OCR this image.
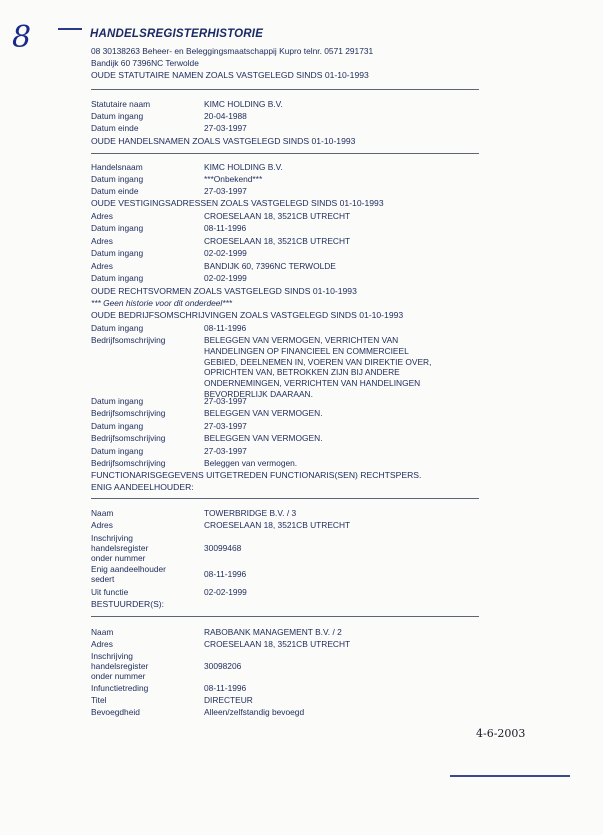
8	HANDELSREGISTERHISTORIE
08 30138263 Beheer- en Beleggingsmaatschappij Kupro telnr. 0571 291731
Bandijk 60 7396NC Terwolde
OUDE STATUTAIRE NAMEN ZOALS VASTGELEGD SINDS 01-10-1993
Statutaire naam	KIMC HOLDING B.V.
Datum ingang	20-04-1988
Datum einde	27-03-1997
OUDE HANDELSNAMEN ZOALS VASTGELEGD SINDS 01-10-1993
Handelsnaam	KIMC HOLDING B.V.
Datum ingang	***Onbekend***
Datum einde	27-03-1997
OUDE VESTIGINGSADRESSEN ZOALS VASTGELEGD SINDS 01-10-1993
Adres	CROESELAAN 18, 3521CB UTRECHT
Datum ingang	08-11-1996
Adres	CROESELAAN 18, 3521CB UTRECHT
Datum ingang	02-02-1999
Adres	BANDIJK 60, 7396NC TERWOLDE
Datum ingang	02-02-1999
OUDE RECHTSVORMEN ZOALS VASTGELEGD SINDS 01-10-1993
*** Geen historie voor dit onderdeel***
OUDE BEDRIJFSOMSCHRIJVINGEN ZOALS VASTGELEGD SINDS 01-10-1993
Datum ingang	08-11-1996
Bedrijfsomschrijving	BELEGGEN VAN VERMOGEN, VERRICHTEN VAN HANDELINGEN OP FINANCIEEL EN COMMERCIEEL GEBIED, DEELNEMEN IN, VOEREN VAN DIREKTIE OVER, OPRICHTEN VAN, BETROKKEN ZIJN BIJ ANDERE ONDERNEMINGEN, VERRICHTEN VAN HANDELINGEN BEVORDERLIJK DAARAAN.
Datum ingang	27-03-1997
Bedrijfsomschrijving	BELEGGEN VAN VERMOGEN.
Datum ingang	27-03-1997
Bedrijfsomschrijving	BELEGGEN VAN VERMOGEN.
Datum ingang	27-03-1997
Bedrijfsomschrijving	Beleggen van vermogen.
FUNCTIONARISGEGEVENS UITGETREDEN FUNCTIONARIS(SEN) RECHTSPERS.
ENIG AANDEELHOUDER:
Naam	TOWERBRIDGE B.V. / 3
Adres	CROESELAAN 18, 3521CB UTRECHT
Inschrijving
handelsregister
onder nummer
30099468
Enig aandeelhouder
sedert	08-11-1996
Uit functie	02-02-1999
BESTUURDER(S):
Naam	RABOBANK MANAGEMENT B.V. / 2
Adres	CROESELAAN 18, 3521CB UTRECHT
Inschrijving
handelsregister
onder nummer
30098206
Infunctietreding	08-11-1996
Titel	DIRECTEUR
Bevoegdheid	Alleen/zelfstandig bevoegd
4-6-2003
